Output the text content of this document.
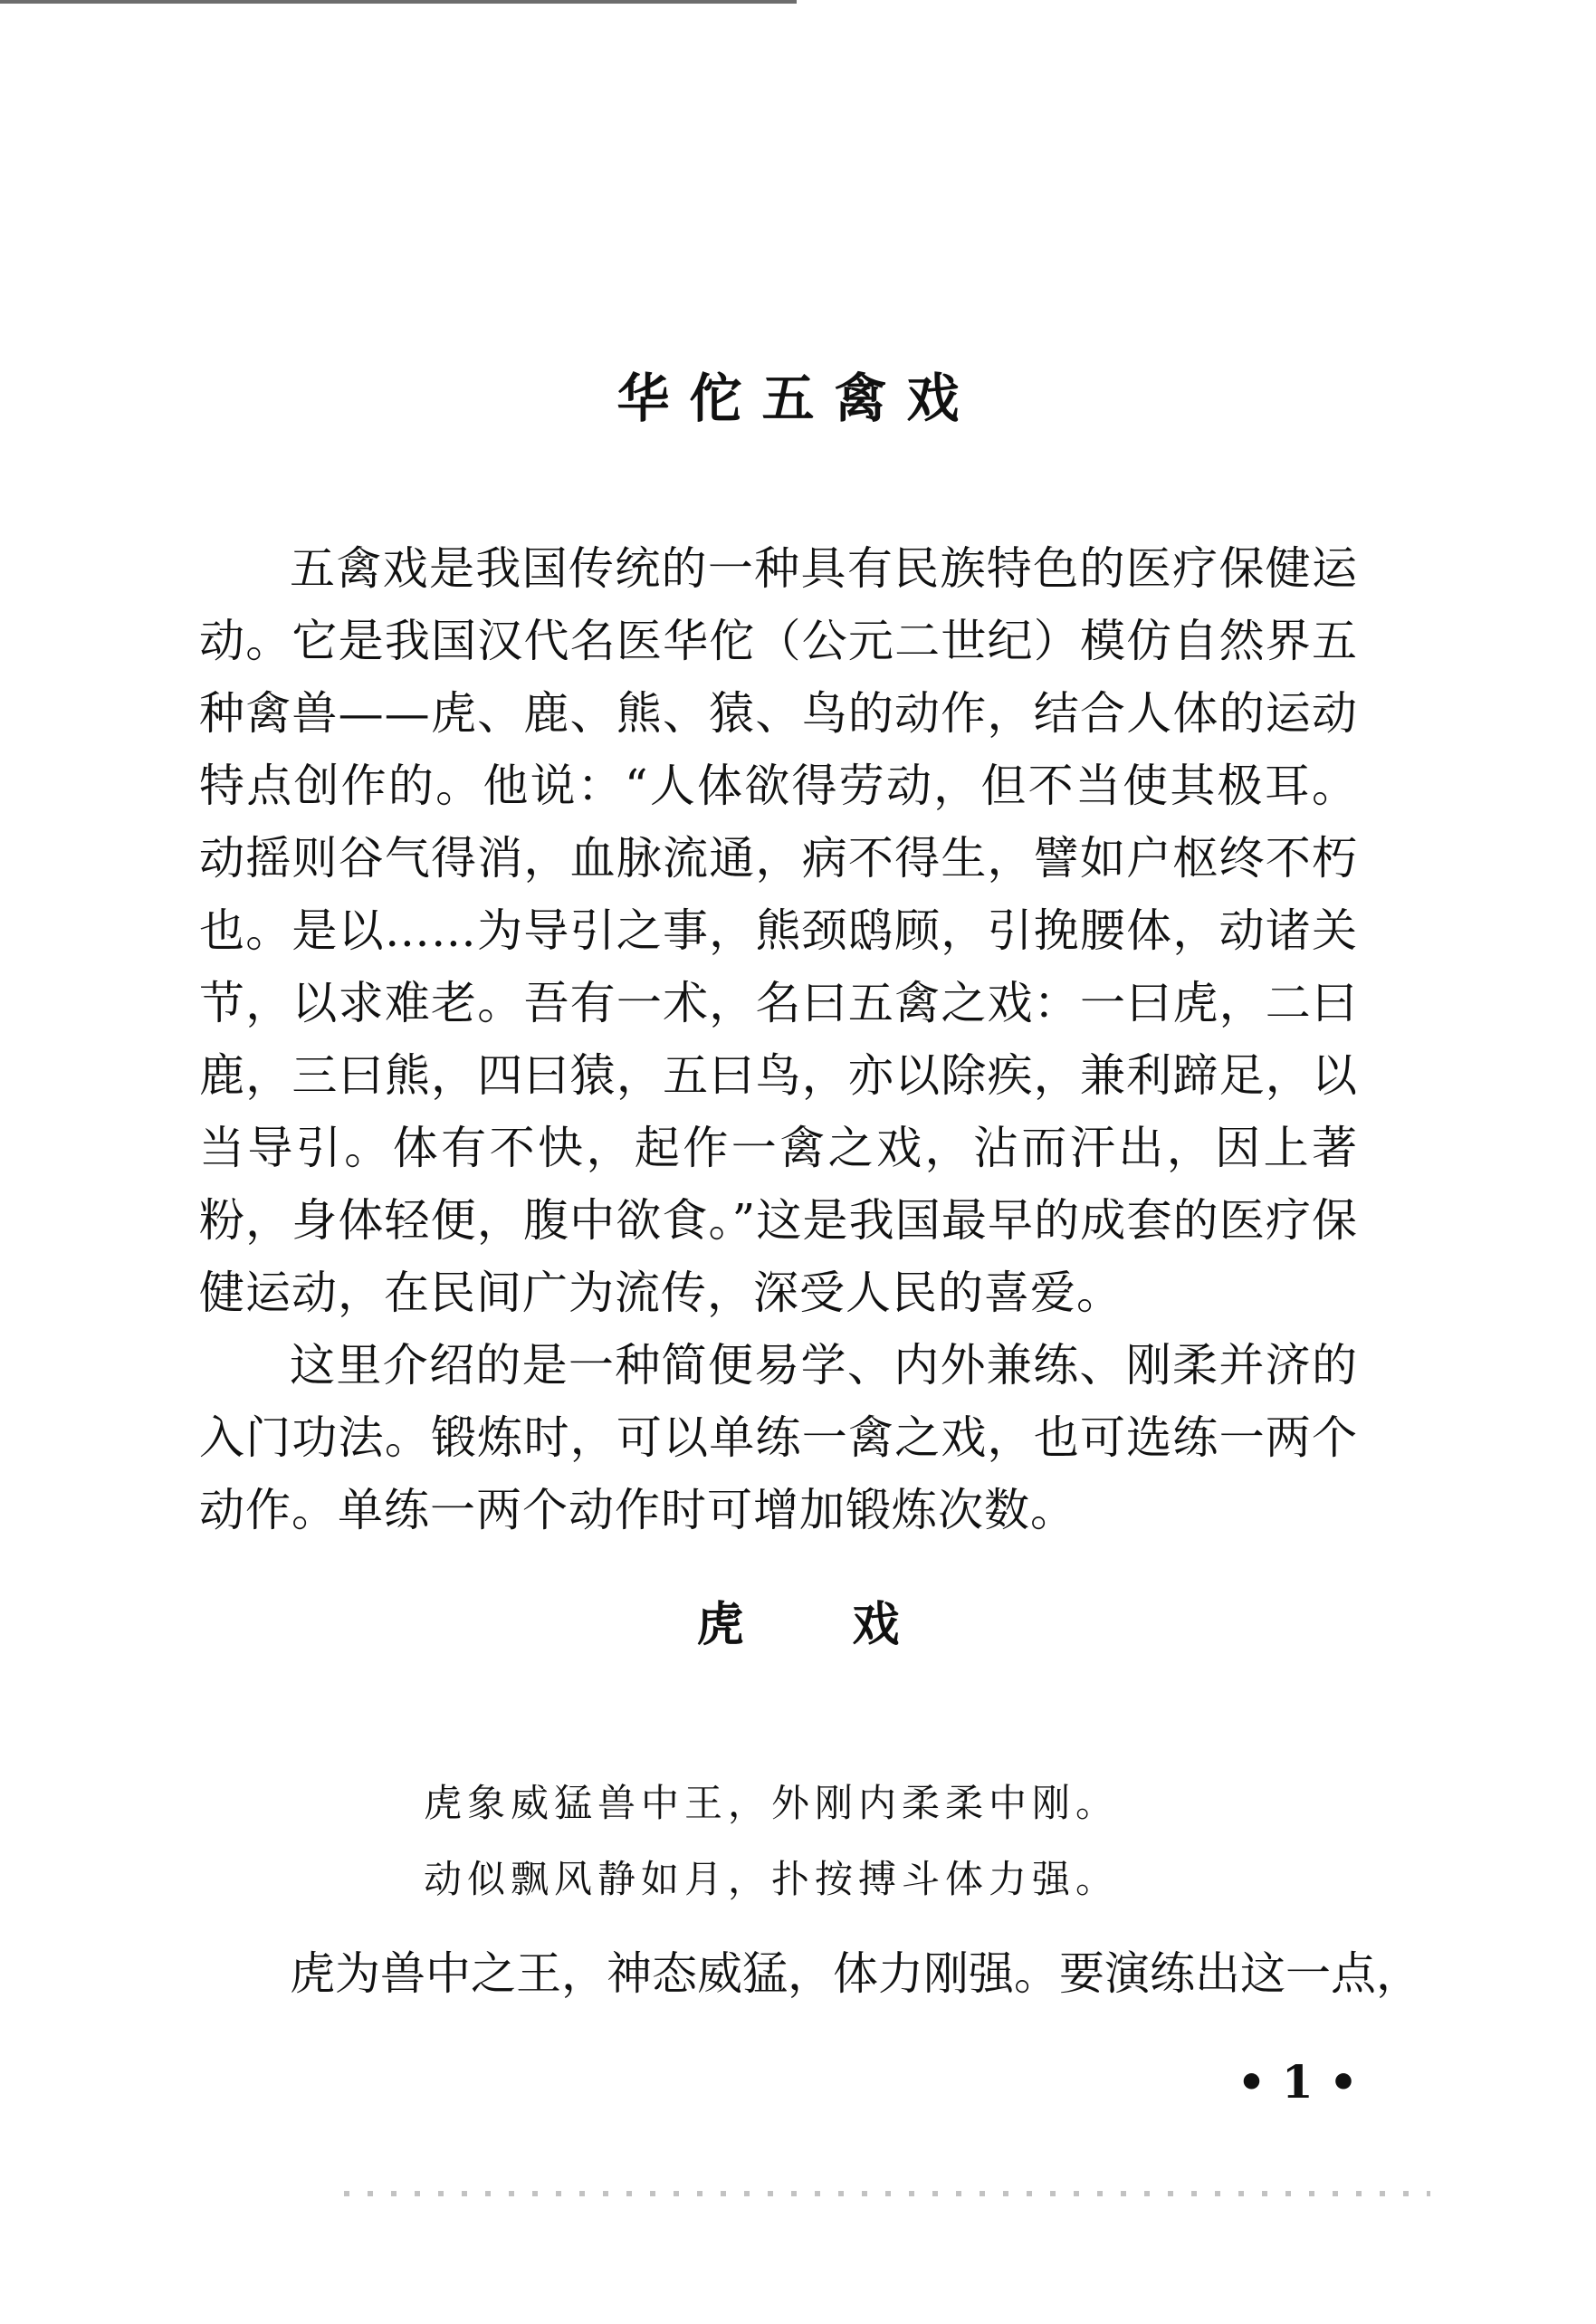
华佗五禽戏

五禽戏是我国传统的一种具有民族特色的医疗保健运动。它是我国汉代名医华佗（公元二世纪）模仿自然界五种禽兽——虎、鹿、熊、猿、鸟的动作，结合人体的运动特点创作的。他说：“人体欲得劳动，但不当使其极耳。动摇则谷气得消，血脉流通，病不得生，譬如户枢终不朽也。是以……为导引之事，熊颈鸱顾，引挽腰体，动诸关节，以求难老。吾有一术，名曰五禽之戏：一曰虎，二曰鹿，三曰熊，四曰猿，五曰鸟，亦以除疾，兼利蹄足，以当导引。体有不快，起作一禽之戏，沾而汗出，因上著粉，身体轻便，腹中欲食。”这是我国最早的成套的医疗保健运动，在民间广为流传，深受人民的喜爱。

这里介绍的是一种简便易学、内外兼练、刚柔并济的入门功法。锻炼时，可以单练一禽之戏，也可选练一两个动作。单练一两个动作时可增加锻炼次数。

虎 戏
虎象威猛兽中王，外刚内柔柔中刚。
动似飘风静如月，扑按搏斗体力强。

虎为兽中之王，神态威猛，体力刚强。要演练出这一点，

• 1 •
